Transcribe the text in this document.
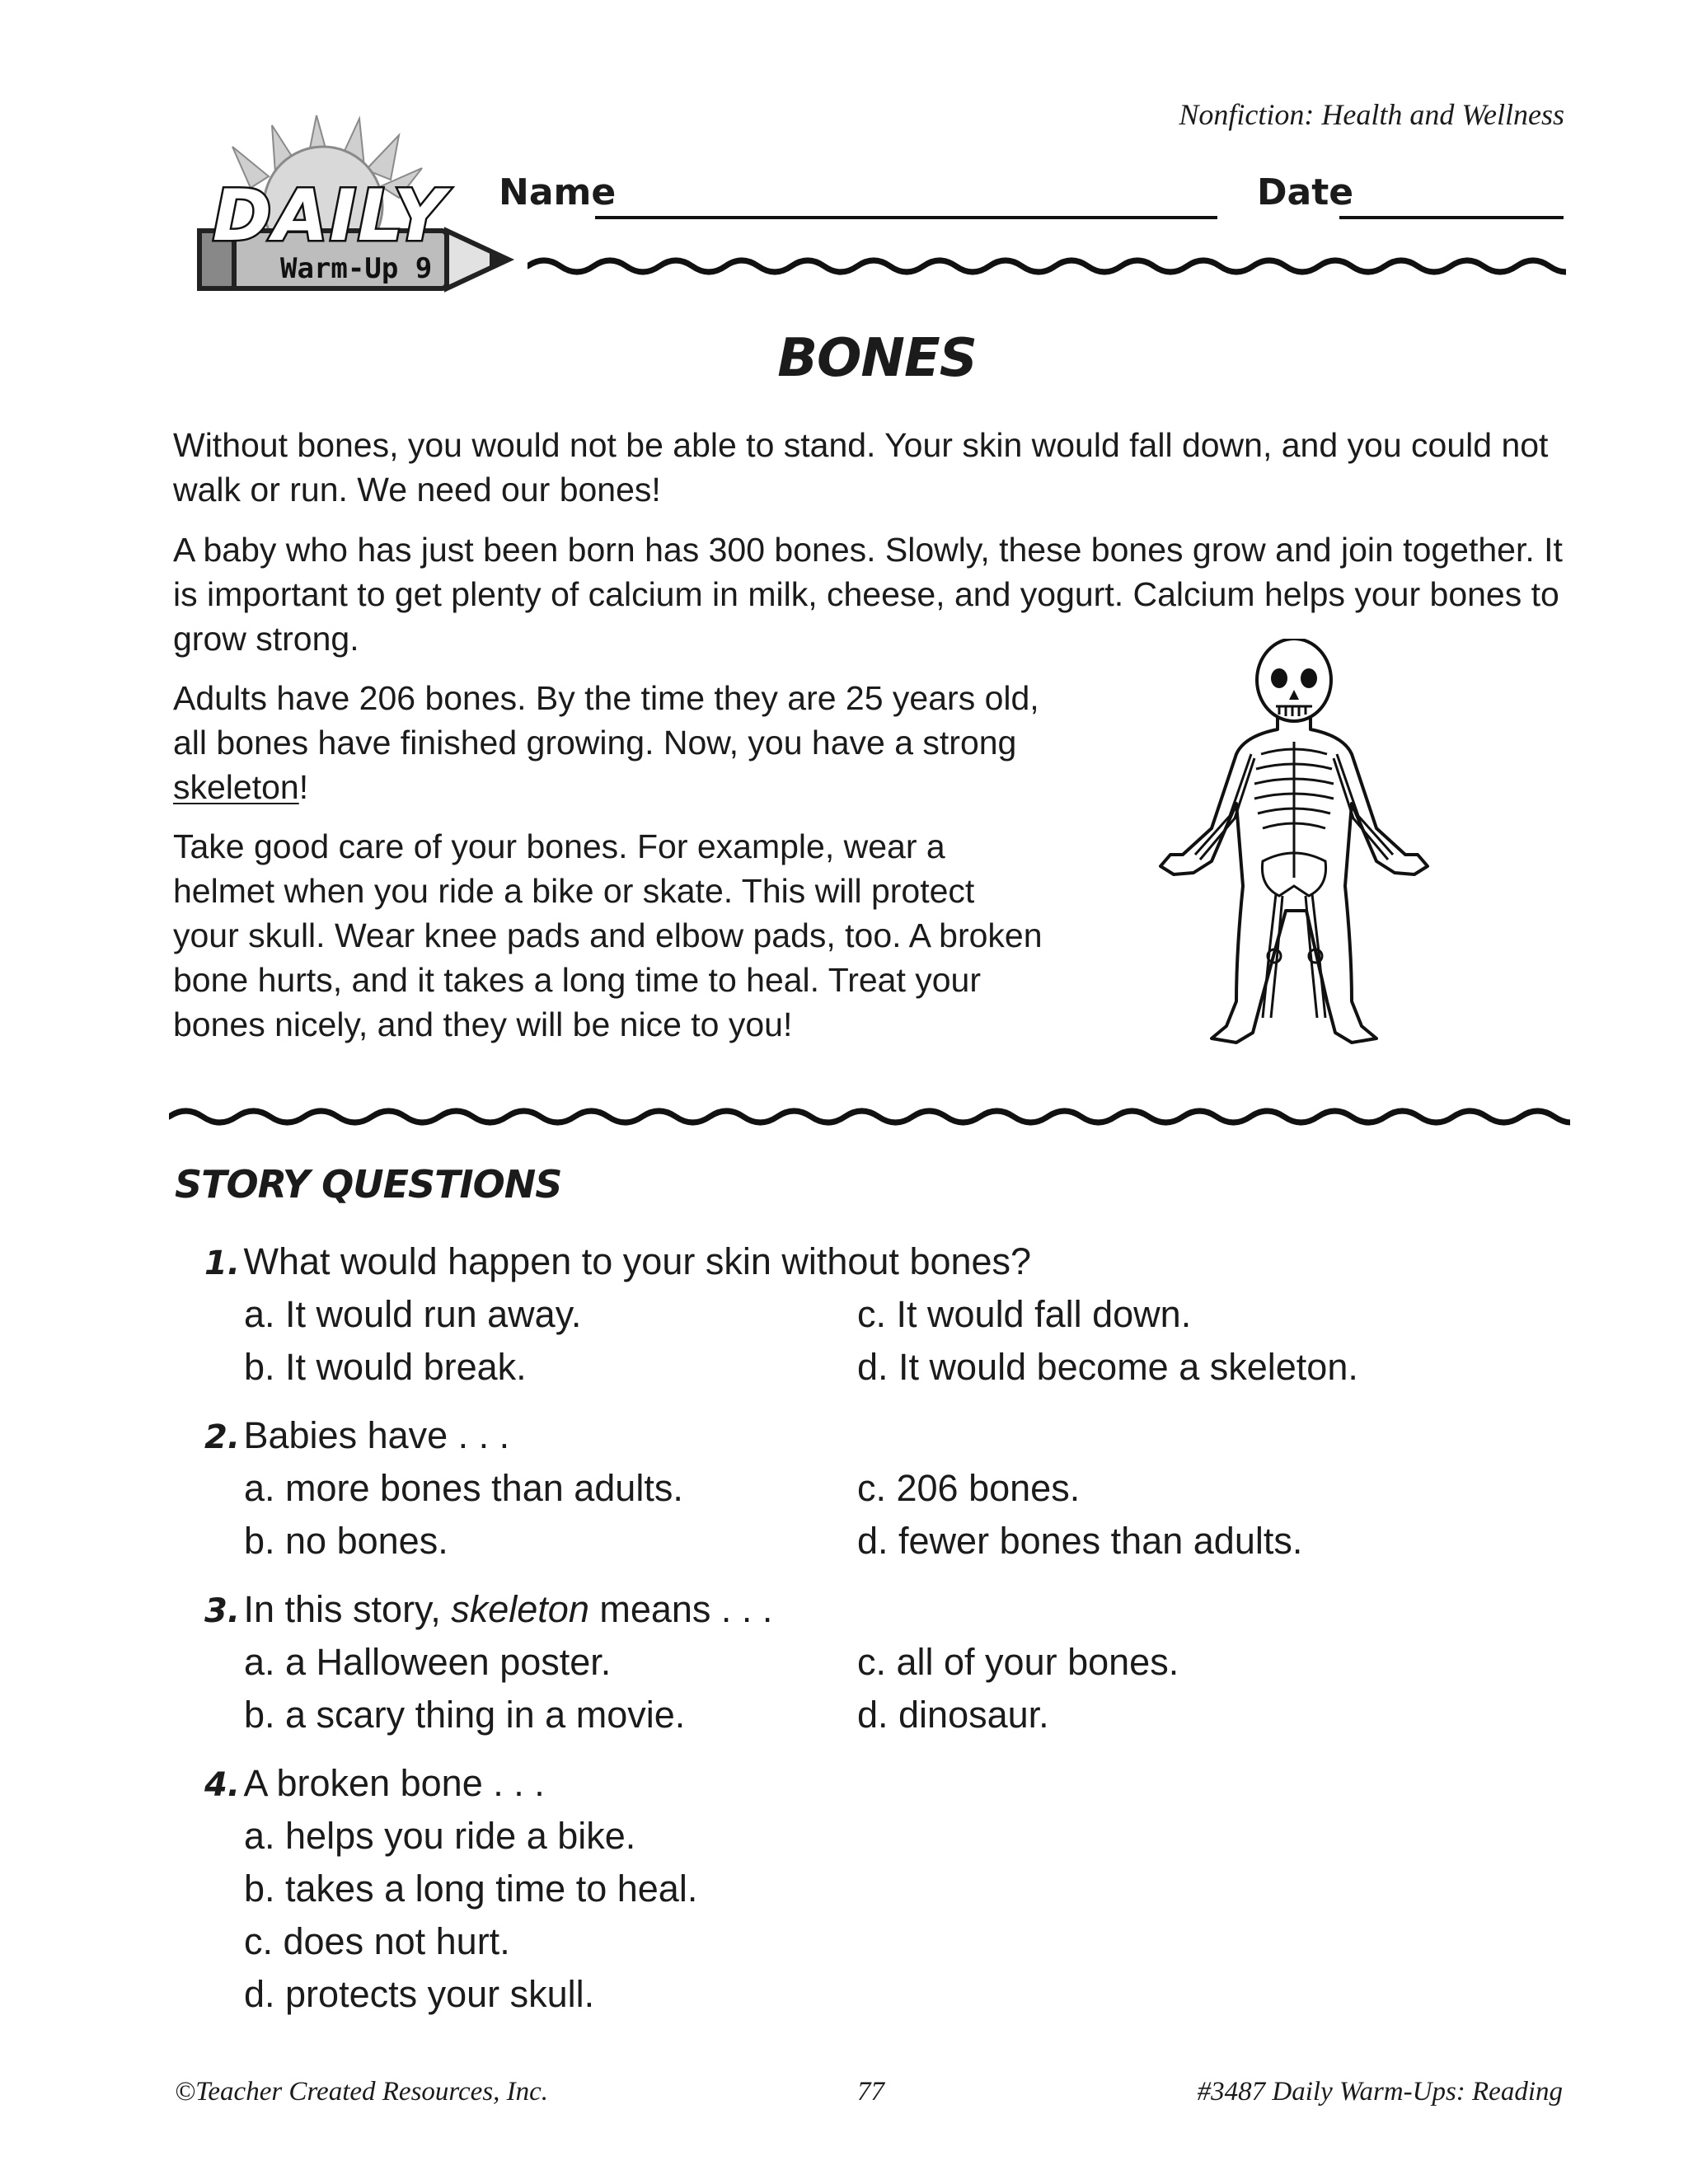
Nonfiction: Health and Wellness
DAILY
Warm-Up 9
Name	Date
BONES
Without bones, you would not be able to stand. Your skin would fall down, and you could not walk or run. We need our bones!
A baby who has just been born has 300 bones. Slowly, these bones grow and join together. It is important to get plenty of calcium in milk, cheese, and yogurt. Calcium helps your bones to grow strong.
Adults have 206 bones. By the time they are 25 years old, all bones have finished growing. Now, you have a strong skeleton!
Take good care of your bones. For example, wear a helmet when you ride a bike or skate. This will protect your skull. Wear knee pads and elbow pads, too. A broken bone hurts, and it takes a long time to heal. Treat your bones nicely, and they will be nice to you!
STORY QUESTIONS
1. What would happen to your skin without bones?
a. It would run away.
b. It would break.
c. It would fall down.
d. It would become a skeleton.
2. Babies have . . .
a. more bones than adults.
b. no bones.
c. 206 bones.
d. fewer bones than adults.
3. In this story, skeleton means . . .
a. a Halloween poster.
b. a scary thing in a movie.
c. all of your bones.
d. dinosaur.
4. A broken bone . . .
a. helps you ride a bike.
b. takes a long time to heal.
c. does not hurt.
d. protects your skull.
©Teacher Created Resources, Inc.	77	#3487 Daily Warm-Ups: Reading
